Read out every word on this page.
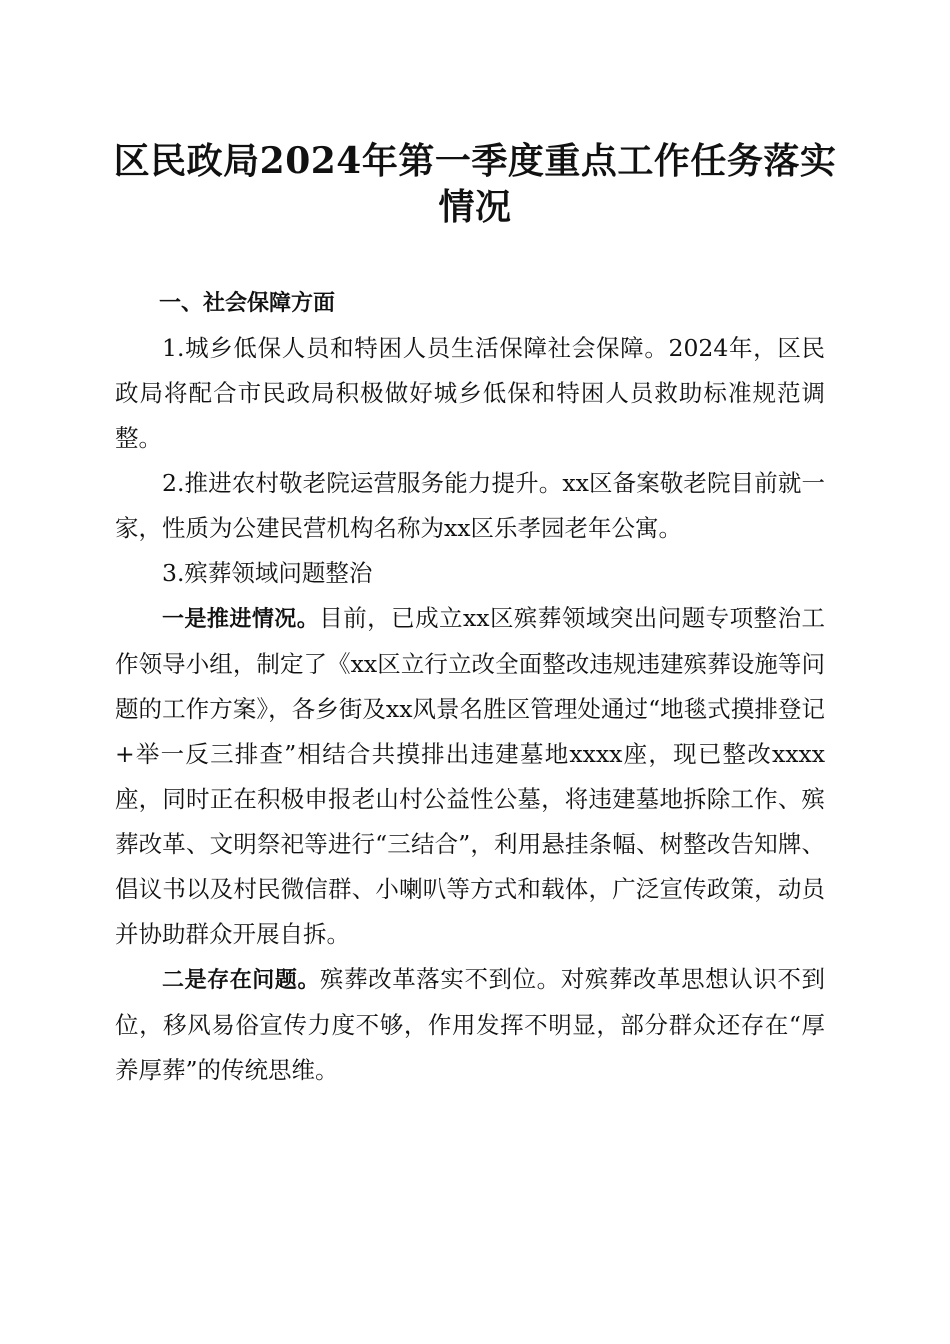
区民政局2024年第一季度重点工作任务落实
情况

一、社会保障方面

1.城乡低保人员和特困人员生活保障社会保障。2024年，区民政局将配合市民政局积极做好城乡低保和特困人员救助标准规范调整。

2.推进农村敬老院运营服务能力提升。xx区备案敬老院目前就一家，性质为公建民营机构名称为xx区乐孝园老年公寓。

3.殡葬领域问题整治

一是推进情况。目前，已成立xx区殡葬领域突出问题专项整治工作领导小组，制定了《xx区立行立改全面整改违规违建殡葬设施等问题的工作方案》，各乡街及xx风景名胜区管理处通过“地毯式摸排登记+举一反三排查”相结合共摸排出违建墓地xxxx座，现已整改xxxx座，同时正在积极申报老山村公益性公墓，将违建墓地拆除工作、殡葬改革、文明祭祀等进行“三结合”，利用悬挂条幅、树整改告知牌、倡议书以及村民微信群、小喇叭等方式和载体，广泛宣传政策，动员并协助群众开展自拆。

二是存在问题。殡葬改革落实不到位。对殡葬改革思想认识不到位，移风易俗宣传力度不够，作用发挥不明显，部分群众还存在“厚养厚葬”的传统思维。
